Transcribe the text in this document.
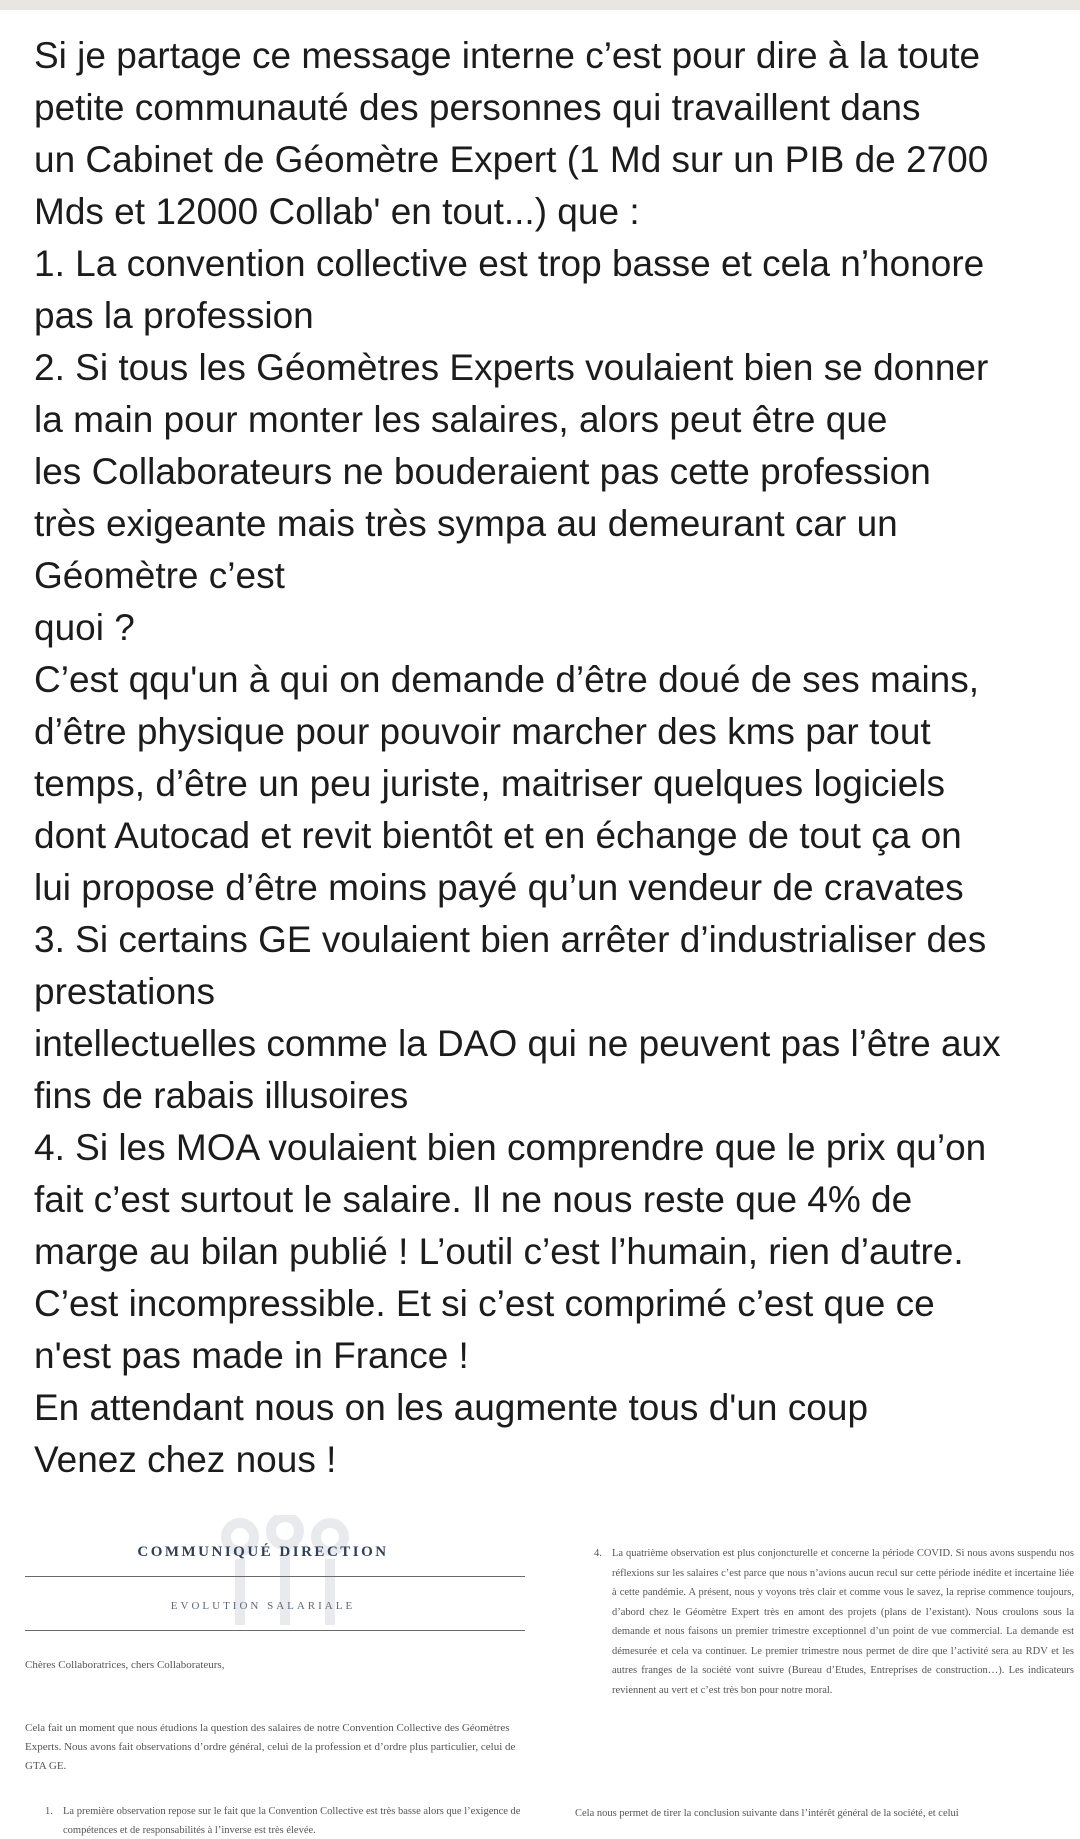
Si je partage ce message interne c’est pour dire à la toute
petite communauté des personnes qui travaillent dans
un Cabinet de Géomètre Expert (1 Md sur un PIB de 2700
Mds et 12000 Collab' en tout...) que :
1. La convention collective est trop basse et cela n’honore
pas la profession
2. Si tous les Géomètres Experts voulaient bien se donner
la main pour monter les salaires, alors peut être que
les Collaborateurs ne bouderaient pas cette profession
très exigeante mais très sympa au demeurant car un
Géomètre c’est
quoi ?
C’est qqu'un à qui on demande d’être doué de ses mains,
d’être physique pour pouvoir marcher des kms par tout
temps, d’être un peu juriste, maitriser quelques logiciels
dont Autocad et revit bientôt et en échange de tout ça on
lui propose d’être moins payé qu’un vendeur de cravates
3. Si certains GE voulaient bien arrêter d’industrialiser des
prestations
intellectuelles comme la DAO qui ne peuvent pas l’être aux
fins de rabais illusoires
4. Si les MOA voulaient bien comprendre que le prix qu’on
fait c’est surtout le salaire. Il ne nous reste que 4% de
marge au bilan publié ! L’outil c’est l’humain, rien d’autre.
C’est incompressible. Et si c’est comprimé c’est que ce
n'est pas made in France !
En attendant nous on les augmente tous d'un coup
Venez chez nous !
COMMUNIQUÉ DIRECTION
EVOLUTION SALARIALE
Chères Collaboratrices, chers Collaborateurs,
Cela fait un moment que nous étudions la question des salaires de notre Convention Collective des Géomètres Experts. Nous avons fait observations d’ordre général, celui de la profession et d’ordre plus particulier, celui de GTA GE.
1. La première observation repose sur le fait que la Convention Collective est très basse alors que l’exigence de compétences et de responsabilités à l’inverse est très élevée.
4. La quatrième observation est plus conjoncturelle et concerne la période COVID. Si nous avons suspendu nos réflexions sur les salaires c’est parce que nous n’avions aucun recul sur cette période inédite et incertaine liée à cette pandémie. A présent, nous y voyons très clair et comme vous le savez, la reprise commence toujours, d’abord chez le Géomètre Expert très en amont des projets (plans de l’existant). Nous croulons sous la demande et nous faisons un premier trimestre exceptionnel d’un point de vue commercial. La demande est démesurée et cela va continuer. Le premier trimestre nous permet de dire que l’activité sera au RDV et les autres franges de la société vont suivre (Bureau d’Etudes, Entreprises de construction…). Les indicateurs reviennent au vert et c’est très bon pour notre moral.
Cela nous permet de tirer la conclusion suivante dans l’intérêt général de la société, et celui
